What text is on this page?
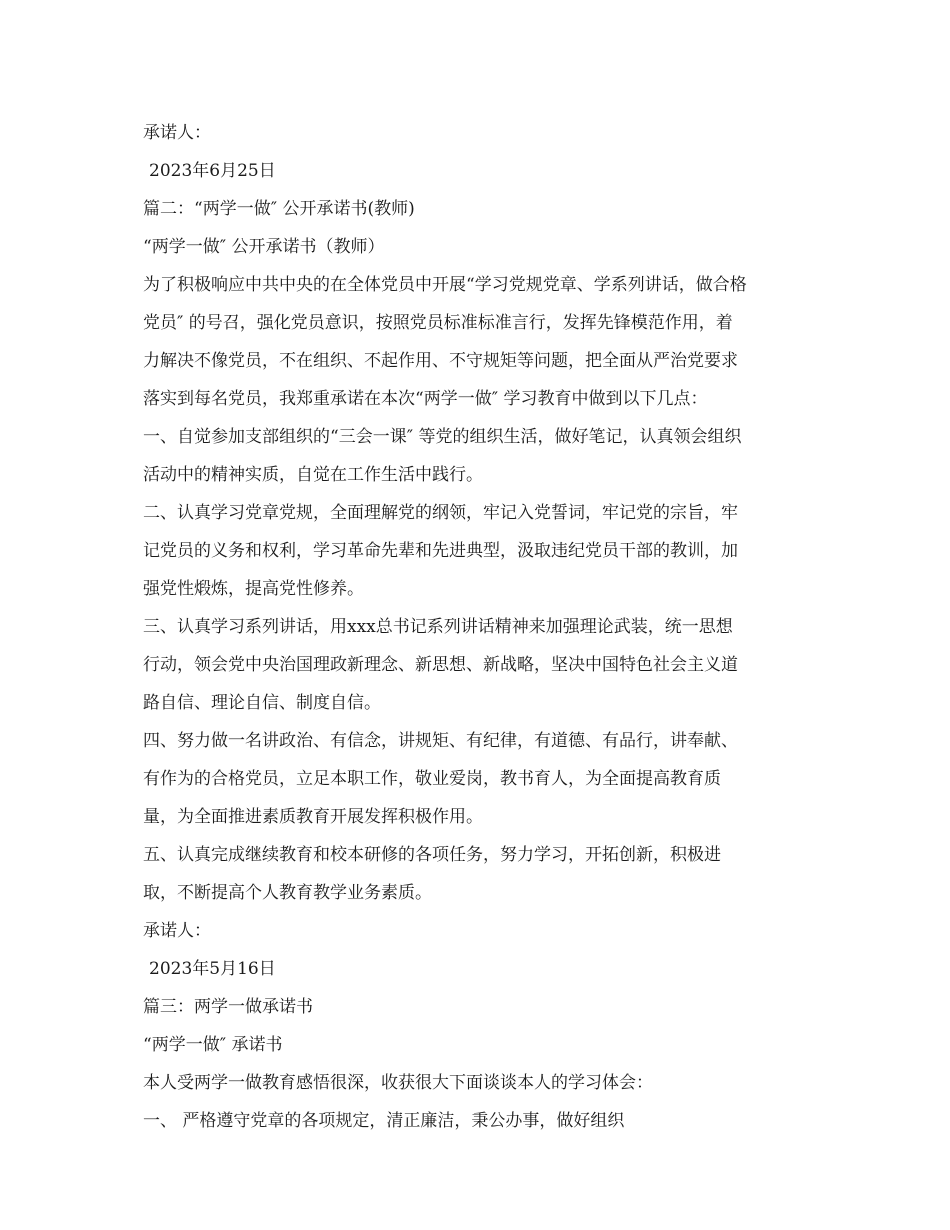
承诺人：
2023年6月25日
篇二：“两学一做″ 公开承诺书(教师)
“两学一做″ 公开承诺书（教师）
为了积极响应中共中央的在全体党员中开展“学习党规党章、学系列讲话，做合格
党员″ 的号召，强化党员意识，按照党员标准标准言行，发挥先锋模范作用，着
力解决不像党员，不在组织、不起作用、不守规矩等问题，把全面从严治党要求
落实到每名党员，我郑重承诺在本次“两学一做″ 学习教育中做到以下几点：
一、自觉参加支部组织的“三会一课″ 等党的组织生活，做好笔记，认真领会组织
活动中的精神实质，自觉在工作生活中践行。
二、认真学习党章党规，全面理解党的纲领，牢记入党誓词，牢记党的宗旨，牢
记党员的义务和权利，学习革命先辈和先进典型，汲取违纪党员干部的教训，加
强党性煅炼，提高党性修养。
三、认真学习系列讲话，用xxx总书记系列讲话精神来加强理论武装，统一思想
行动，领会党中央治国理政新理念、新思想、新战略，坚决中国特色社会主义道
路自信、理论自信、制度自信。
四、努力做一名讲政治、有信念，讲规矩、有纪律，有道德、有品行，讲奉献、
有作为的合格党员，立足本职工作，敬业爱岗，教书育人，为全面提高教育质
量，为全面推进素质教育开展发挥积极作用。
五、认真完成继续教育和校本研修的各项任务，努力学习，开拓创新，积极进
取，不断提高个人教育教学业务素质。
承诺人：
2023年5月16日
篇三：两学一做承诺书
“两学一做″ 承诺书
本人受两学一做教育感悟很深，收获很大下面谈谈本人的学习体会：
一、 严格遵守党章的各项规定，清正廉洁，秉公办事，做好组织
